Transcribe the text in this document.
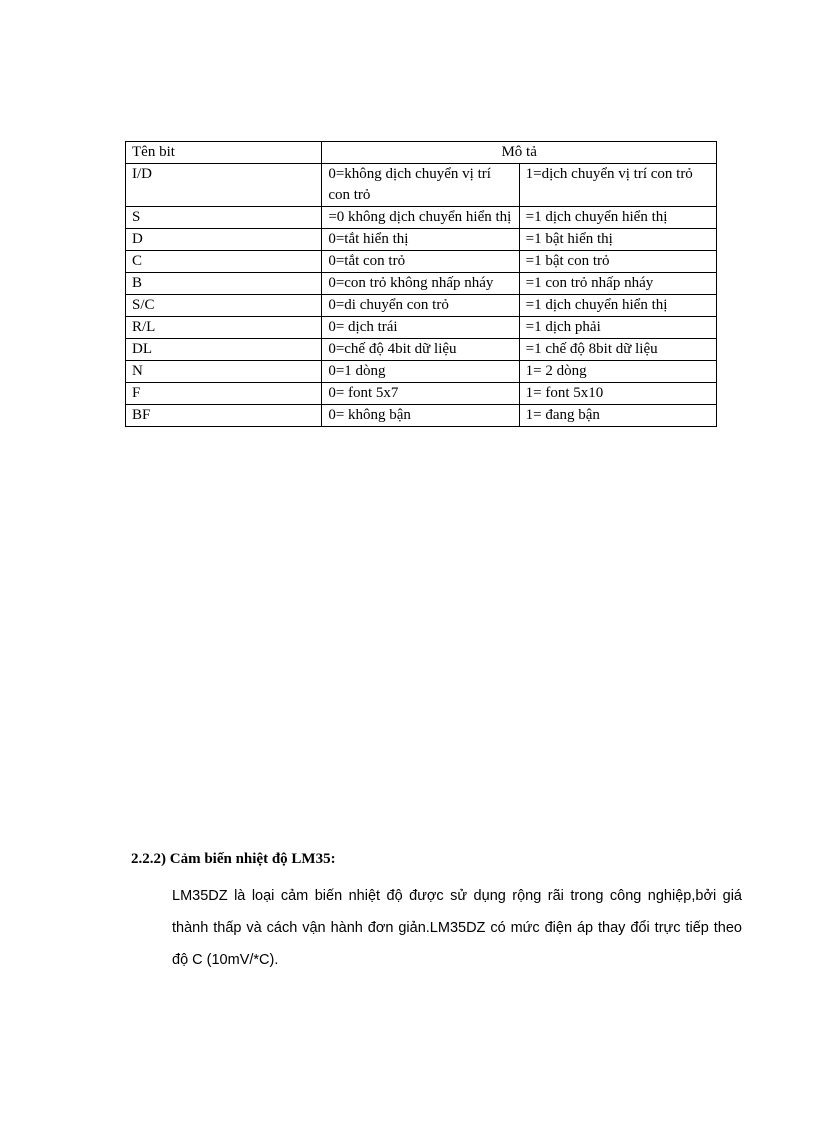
Tên bit	Mô tả	
I/D	0=không dịch chuyển vị trí con trỏ	1=dịch chuyển vị trí con trỏ
S	=0 không dịch chuyển hiển thị	=1 dịch chuyển hiển thị
D	0=tắt hiển thị	=1 bật hiển thị
C	0=tắt con trỏ	=1 bật con trỏ
B	0=con trỏ không nhấp nháy	=1 con trỏ nhấp nháy
S/C	0=di chuyển con trỏ	=1 dịch chuyển hiển thị
R/L	0= dịch trái	=1 dịch phải
DL	0=chế độ 4bit dữ liệu	=1 chế độ 8bit dữ liệu
N	0=1 dòng	1= 2 dòng
F	0= font 5x7	1= font 5x10
BF	0= không bận	1= đang bận
2.2.2) Cảm biến nhiệt độ LM35:

LM35DZ là loại cảm biến nhiệt độ được sử dụng rộng rãi trong công nghiệp,bởi giá thành thấp và cách vận hành đơn giản.LM35DZ có mức điện áp thay đổi trực tiếp theo độ C (10mV/*C).
